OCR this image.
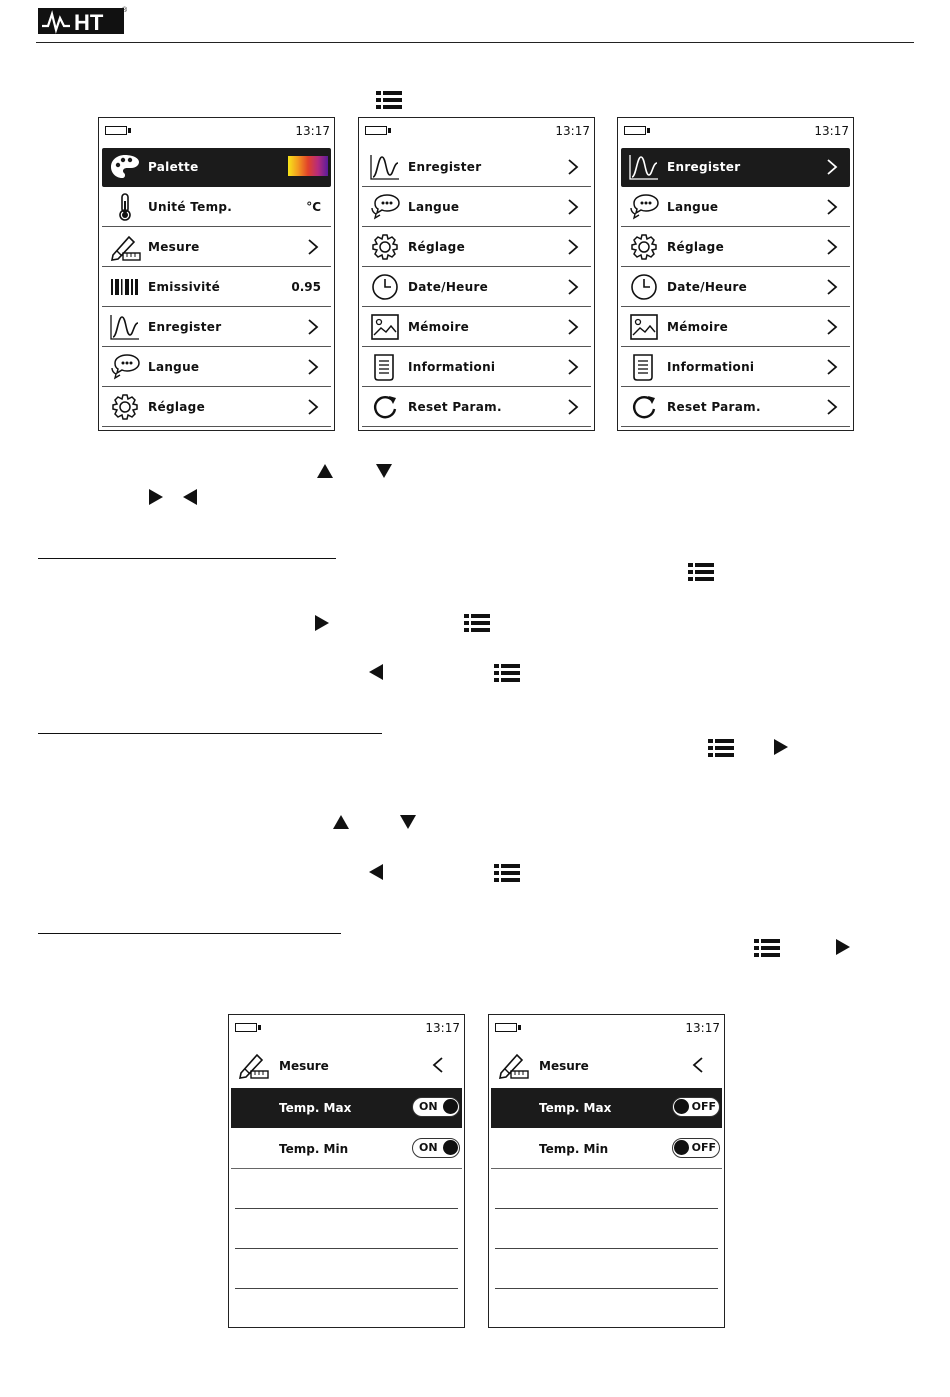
HT	®
13:17
Palette
Unité Temp.	°C
Mesure
Emissivité	0.95
Enregister
Langue
Réglage
13:17
Enregister
Langue
Réglage
Date/Heure
Mémoire
Informationi
Reset Param.
13:17
Enregister
Langue
Réglage
Date/Heure
Mémoire
Informationi
Reset Param.
13:17
Mesure
Temp. Max	ON
Temp. Min	ON
13:17
Mesure
Temp. Max	OFF
Temp. Min	OFF
